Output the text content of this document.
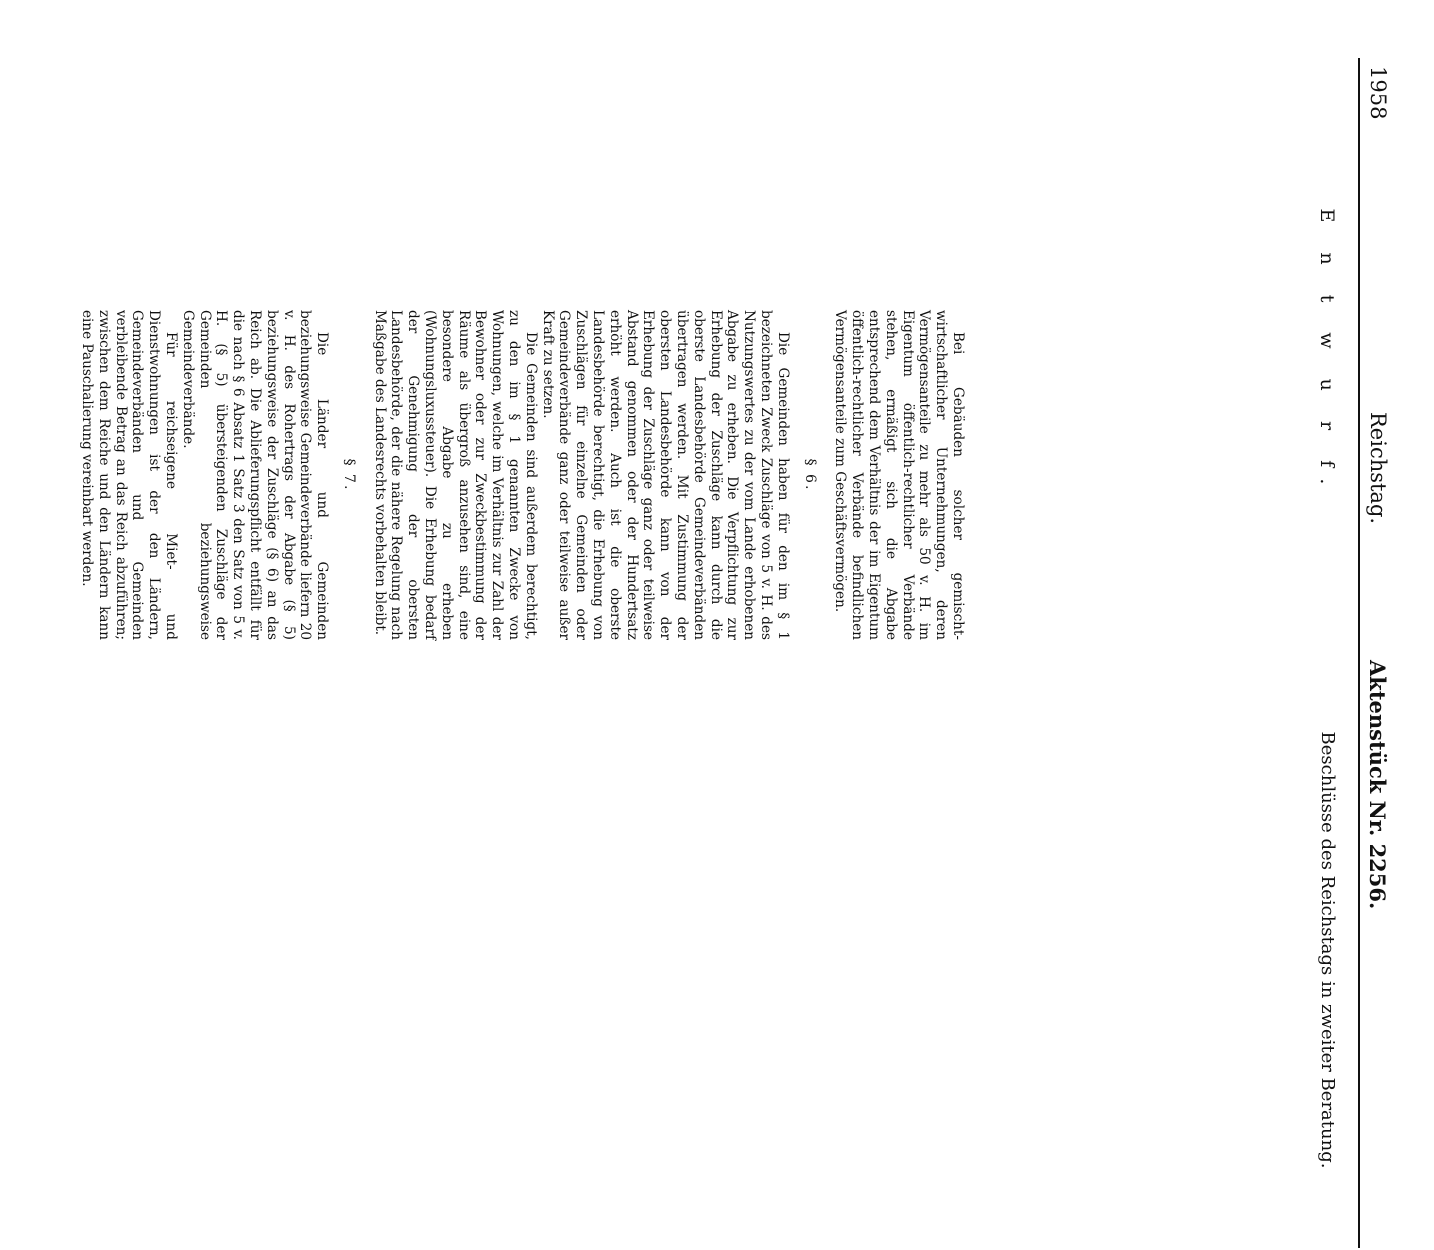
1958
Reichstag.
Aktenstück Nr. 2256.
E n t w u r f.
Beschlüsse des Reichstags in zweiter Beratung.

Bei Gebäuden solcher gemischt-wirtschaftlicher Unternehmungen, deren Vermögensanteile zu mehr als 50 v. H. im Eigentum öffentlich-rechtlicher Verbände stehen, ermäßigt sich die Abgabe entsprechend dem Verhältnis der im Eigentum öffentlich-rechtlicher Verbände befindlichen Vermögensanteile zum Geschäftsvermögen.

§ 6.

Die Gemeinden haben für den im § 1 bezeichneten Zweck Zuschläge von 5 v. H. des Nutzungswertes zu der vom Lande erhobenen Abgabe zu erheben. Die Verpflichtung zur Erhebung der Zuschläge kann durch die oberste Landesbehörde Gemeindeverbänden übertragen werden. Mit Zustimmung der obersten Landesbehörde kann von der Erhebung der Zuschläge ganz oder teilweise Abstand genommen oder der Hundertsatz erhöht werden. Auch ist die oberste Landesbehörde berechtigt, die Erhebung von Zuschlägen für einzelne Gemeinden oder Gemeindeverbände ganz oder teilweise außer Kraft zu setzen.

Die Gemeinden sind außerdem berechtigt, zu den im § 1 genannten Zwecke von Wohnungen, welche im Verhältnis zur Zahl der Bewohner oder zur Zweckbestimmung der Räume als übergroß anzusehen sind, eine besondere Abgabe zu erheben (Wohnungsluxussteuer). Die Erhebung bedarf der Genehmigung der obersten Landesbehörde, der die nähere Regelung nach Maßgabe des Landesrechts vorbehalten bleibt.

§ 7.

Die Länder und Gemeinden beziehungsweise Gemeindeverbände liefern 20 v. H. des Rohertrags der Abgabe (§ 5) beziehungsweise der Zuschläge (§ 6) an das Reich ab. Die Ablieferungspflicht entfällt für die nach § 6 Absatz 1 Satz 3 den Satz von 5 v. H. (§ 5) übersteigenden Zuschläge der Gemeinden beziehungsweise Gemeindeverbände.

Für reichseigene Miet- und Dienstwohnungen ist der den Ländern, Gemeindeverbänden und Gemeinden verbleibende Betrag an das Reich abzuführen; zwischen dem Reiche und den Ländern kann eine Pauschalierung vereinbart werden.
